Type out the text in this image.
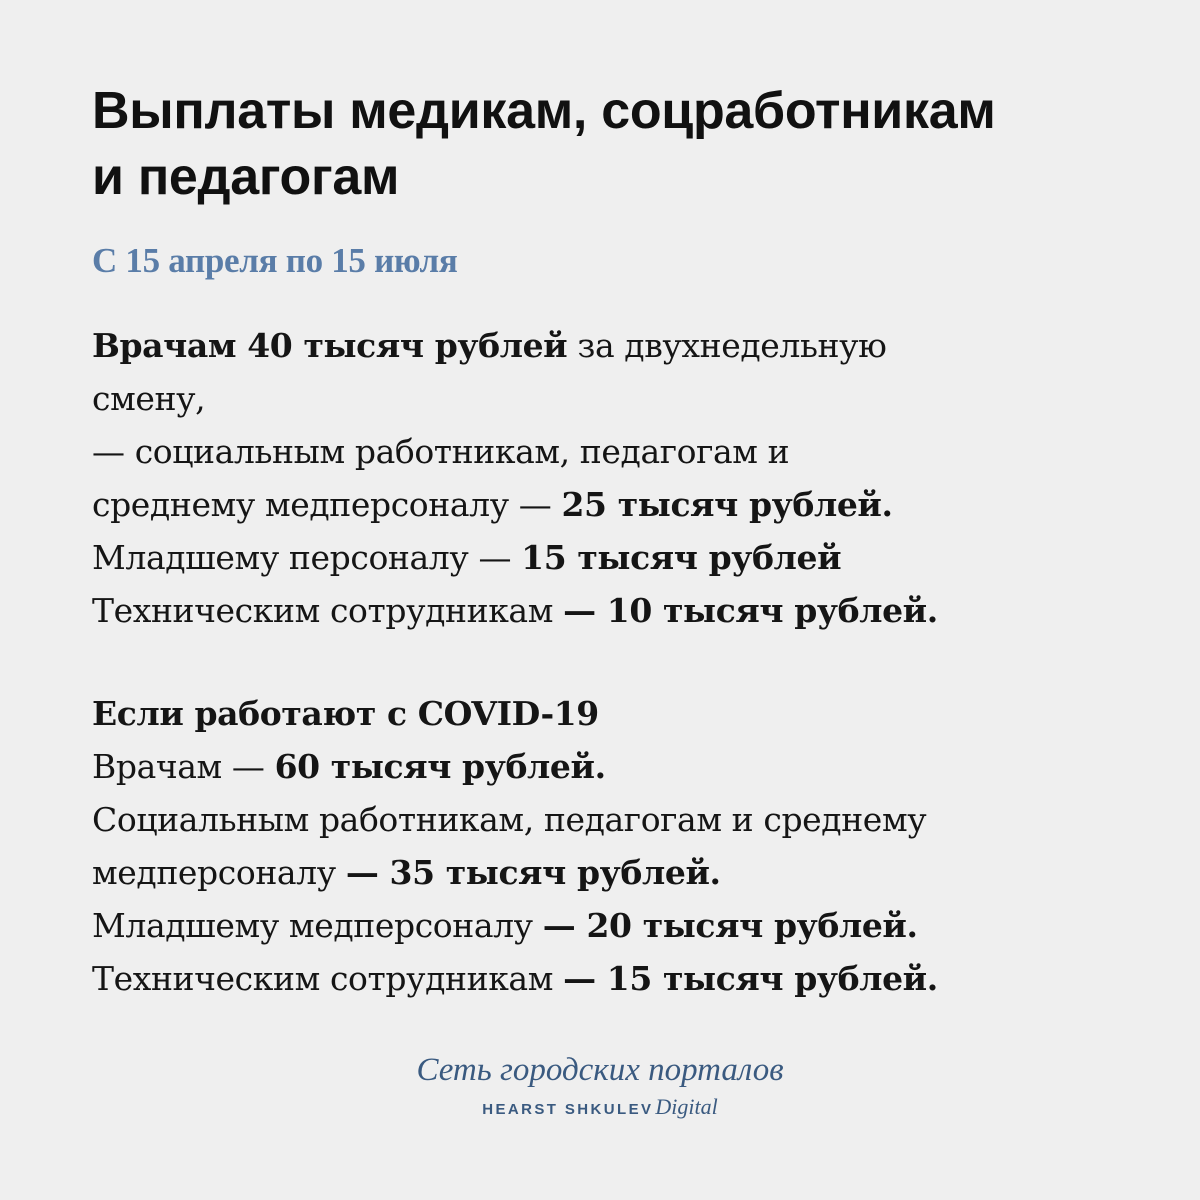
Выплаты медикам, соцработникам
и педагогам
С 15 апреля по 15 июля
Врачам 40 тысяч рублей за двухнедельную
смену,
— социальным работникам, педагогам и
среднему медперсоналу — 25 тысяч рублей.
Младшему персоналу — 15 тысяч рублей
Техническим сотрудникам — 10 тысяч рублей.
Если работают с COVID-19
Врачам — 60 тысяч рублей.
Социальным работникам, педагогам и среднему
медперсоналу — 35 тысяч рублей.
Младшему медперсоналу — 20 тысяч рублей.
Техническим сотрудникам — 15 тысяч рублей.
Сеть городских порталов
HEARST SHKULEVDigital
